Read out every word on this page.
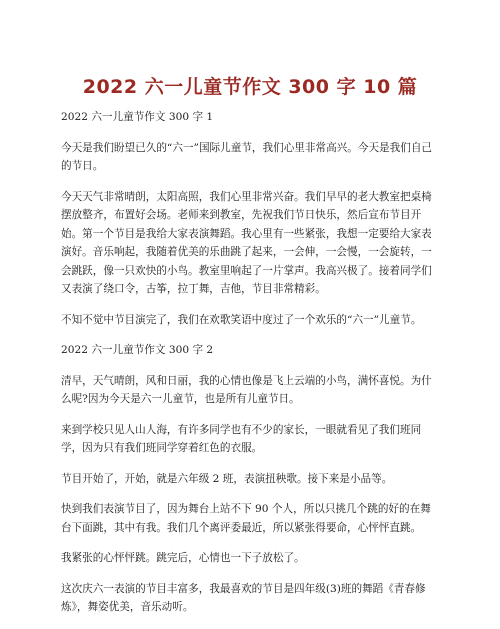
2022 六一儿童节作文 300 字 10 篇

2022 六一儿童节作文 300 字 1

今天是我们盼望已久的“六一”国际儿童节，我们心里非常高兴。今天是我们自己的节日。

今天天气非常晴朗，太阳高照，我们心里非常兴奋。我们早早的老大教室把桌椅摆放整齐，布置好会场。老师来到教室，先祝我们节日快乐，然后宣布节目开始。第一个节目是我给大家表演舞蹈。我心里有一些紧张，我想一定要给大家表演好。音乐响起，我随着优美的乐曲跳了起来，一会伸，一会慢，一会旋转，一会跳跃，像一只欢快的小鸟。教室里响起了一片掌声。我高兴极了。接着同学们又表演了绕口令，古筝，拉丁舞，吉他，节目非常精彩。

不知不觉中节目演完了，我们在欢歌笑语中度过了一个欢乐的“六一”儿童节。

2022 六一儿童节作文 300 字 2

清早，天气晴朗，风和日丽，我的心情也像是飞上云端的小鸟，满怀喜悦。为什么呢?因为今天是六一儿童节，也是所有儿童节日。

来到学校只见人山人海，有许多同学也有不少的家长，一眼就看见了我们班同学，因为只有我们班同学穿着红色的衣服。

节目开始了，开始，就是六年级 2 班，表演扭秧歌。接下来是小品等。

快到我们表演节目了，因为舞台上站不下 90 个人，所以只挑几个跳的好的在舞台下面跳，其中有我。我们几个离评委最近，所以紧张得要命，心怦怦直跳。

我紧张的心怦怦跳。跳完后，心情也一下子放松了。

这次庆六一表演的节目丰富多，我最喜欢的节目是四年级(3)班的舞蹈《青春修炼》，舞姿优美，音乐动听。
